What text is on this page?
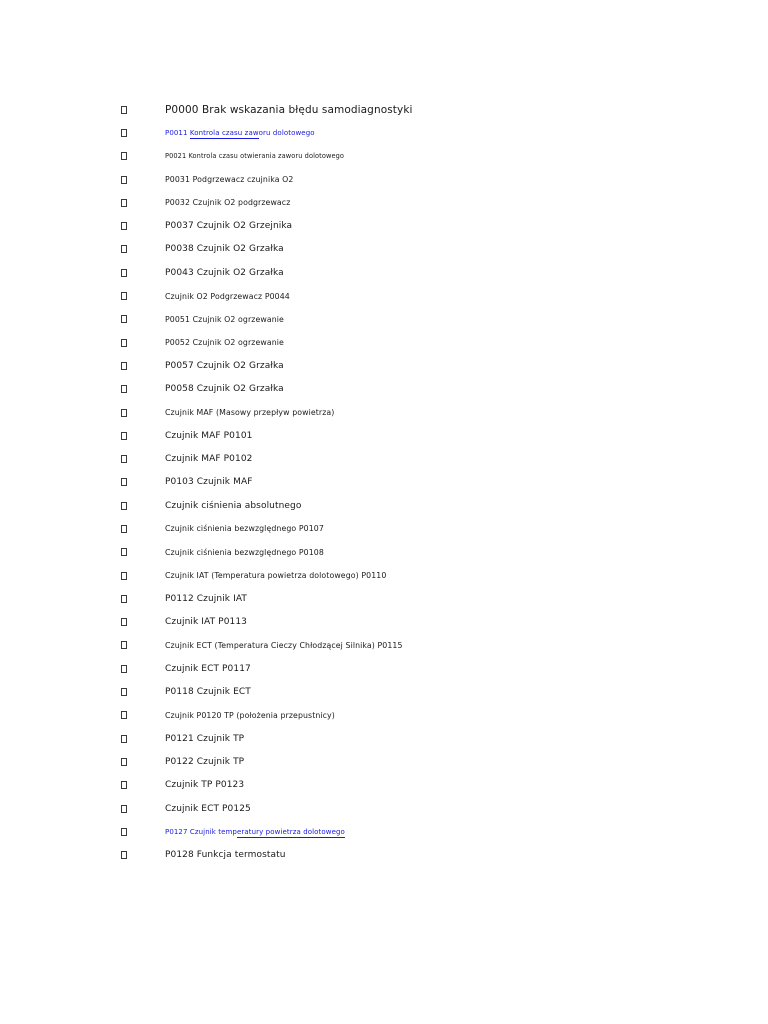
P0000 Brak wskazania błędu samodiagnostyki
P0011 Kontrola czasu zaworu dolotowego
P0021 Kontrola czasu otwierania zaworu dolotowego
P0031 Podgrzewacz czujnika O2
P0032 Czujnik O2 podgrzewacz
P0037 Czujnik O2 Grzejnika
P0038 Czujnik O2 Grzałka
P0043 Czujnik O2 Grzałka
Czujnik O2 Podgrzewacz P0044
P0051 Czujnik O2 ogrzewanie
P0052 Czujnik O2 ogrzewanie
P0057 Czujnik O2 Grzałka
P0058 Czujnik O2 Grzałka
Czujnik MAF (Masowy przepływ powietrza)
Czujnik MAF P0101
Czujnik MAF P0102
P0103 Czujnik MAF
Czujnik ciśnienia absolutnego
Czujnik ciśnienia bezwzględnego P0107
Czujnik ciśnienia bezwzględnego P0108
Czujnik IAT (Temperatura powietrza dolotowego) P0110
P0112 Czujnik IAT
Czujnik IAT P0113
Czujnik ECT (Temperatura Cieczy Chłodzącej Silnika) P0115
Czujnik ECT P0117
P0118 Czujnik ECT
Czujnik P0120 TP (położenia przepustnicy)
P0121 Czujnik TP
P0122 Czujnik TP
Czujnik TP P0123
Czujnik ECT P0125
P0127 Czujnik temperatury powietrza dolotowego
P0128 Funkcja termostatu
